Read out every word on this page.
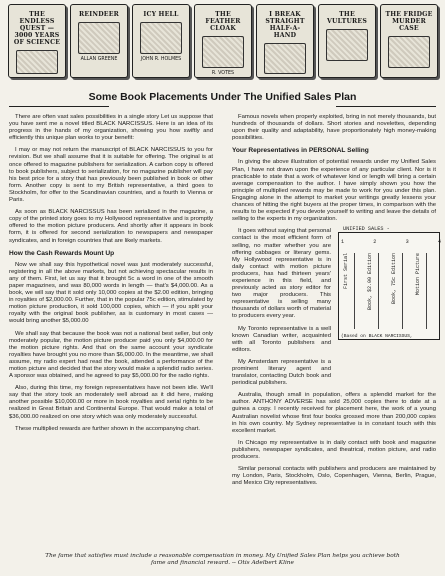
THE ENDLESS QUEST — 3000 YEARS OF SCIENCE
REINDEER
ALLAN GREENE
ICY HELL
JOHN R. HOLMES
THE FEATHER CLOAK
R. VOTES
I BREAK STRAIGHT HALF-A-HAND
THE VULTURES
THE FRIDGE MURDER CASE
Some Book Placements Under The Unified Sales Plan

There are often vast sales possibilities in a single story Let us suppose that you have sent me a novel titled BLACK NARCISSUS. Here is an idea of its progress in the hands of my organization, showing you how swiftly and efficiently this unique plan works to your benefit:

I may or may not return the manuscript of BLACK NARCISSUS to you for revision. But we shall assume that it is suitable for offering. The original is at once offered to magazine publishers for serialization. A carbon copy is offered to book publishers, subject to serialization, for no magazine publisher will pay his best price for a story that has previously been published in book or other form. Another copy is sent to my British representative, a third goes to Stockholm, for offer to the Scandinavian countries, and a fourth to Vienna or Paris.

As soon as BLACK NARCISSUS has been serialized in the magazine, a copy of the printed story goes to my Hollywood representative and is promptly offered to the motion picture producers. And shortly after it appears in book form, it is offered for second serialization to newspapers and newspaper syndicates, and in foreign countries that are likely markets.

How the Cash Rewards Mount Up

Now we shall say this hypothetical novel was just moderately successful, registering in all the above markets, but not achieving spectacular results in any of them. First, let us say that it brought 5c a word in one of the smooth paper magazines, and was 80,000 words in length — that's $4,000.00. As a book, we will say that it sold only 10,000 copies at the $2.00 edition, bringing in royalties of $2,000.00. Further, that in the popular 75c edition, stimulated by motion picture production, it sold 100,000 copies, which — if you split your royalty with the original book publisher, as is customary in most cases — would bring another $5,000.00

We shall say that because the book was not a national best seller, but only moderately popular, the motion picture producer paid you only $4,000.00 for the motion picture rights. And that on the same account your syndicate royalties have brought you no more than $6,000.00. In the meantime, we shall assume, my radio expert had read the book, attended a performance of the motion picture and decided that the story would make a splendid radio series. A sponsor was obtained, and he agreed to pay $5,000.00 for the radio rights.

Also, during this time, my foreign representatives have not been idle. We'll say that the story took an moderately well abroad as it did here, making another possible $10,000.00 or more in book royalties and serial rights to be realized in Great Britain and Continental Europe. That would make a total of $36,000.00 realized on one story which was only moderately successful.

These multiplied rewards are further shown in the accompanying chart.

Famous novels when properly exploited, bring in not merely thousands, but hundreds of thousands of dollars. Short stories and novelettes, depending upon their quality and adaptability, have proportionately high money-making possibilities.

Your Representatives in PERSONAL Selling

In giving the above illustration of potential rewards under my Unified Sales Plan, I have not drawn upon the experience of any particular client. Nor is it practicable to state that a work of whatever kind or length will bring a certain average compensation to the author. I have simply shown you how the principle of multiplied rewards may be made to work for you under this plan. Engaging alone in the attempt to market your writings greatly lessens your chances of hitting the right buyers at the proper times, in comparison with the results to be expected if you devote yourself to writing and leave the details of selling to the experts in my organization.

It goes without saying that personal contact is the most efficient form of selling, no matter whether you are offering cabbages or literary gems. My Hollywood representative is in daily contact with motion picture producers, has had thirteen years' experience in this field, and previously acted as story editor for two major producers. This representative is selling many thousands of dollars worth of material to producers every year.

My Toronto representative is a well known Canadian writer, acquainted with all Toronto publishers and editors.

My Amsterdam representative is a prominent literary agent and translator, contacting Dutch book and periodical publishers.

Australia, though small in population, offers a splendid market for the author. ANTHONY ADVERSE has sold 25,000 copies there to date at a guinea a copy. I recently received for placement here, the work of a young Australian novelist whose first four books grossed more than 200,000 copies in his own country. My Sydney representative is in constant touch with this excellent market.

In Chicago my representative is in daily contact with book and magazine publishers, newspaper syndicates, and theatrical, motion picture, and radio producers.

Similar personal contacts with publishers and producers are maintained by my London, Paris, Stockholm, Oslo, Copenhagen, Vienna, Berlin, Prague, and Mexico City representatives.

UNIFIED SALES -
1	2	3	4
First Serial	Book, $2.00 Edition	Book, 75c Edition	Motion Picture
(Based on BLACK NARCISSUS,
The fame that satisfies must include a reasonable compensation in money. My Unified Sales Plan helps you achieve both fame and financial reward. -- Otis Adelbert Kline
